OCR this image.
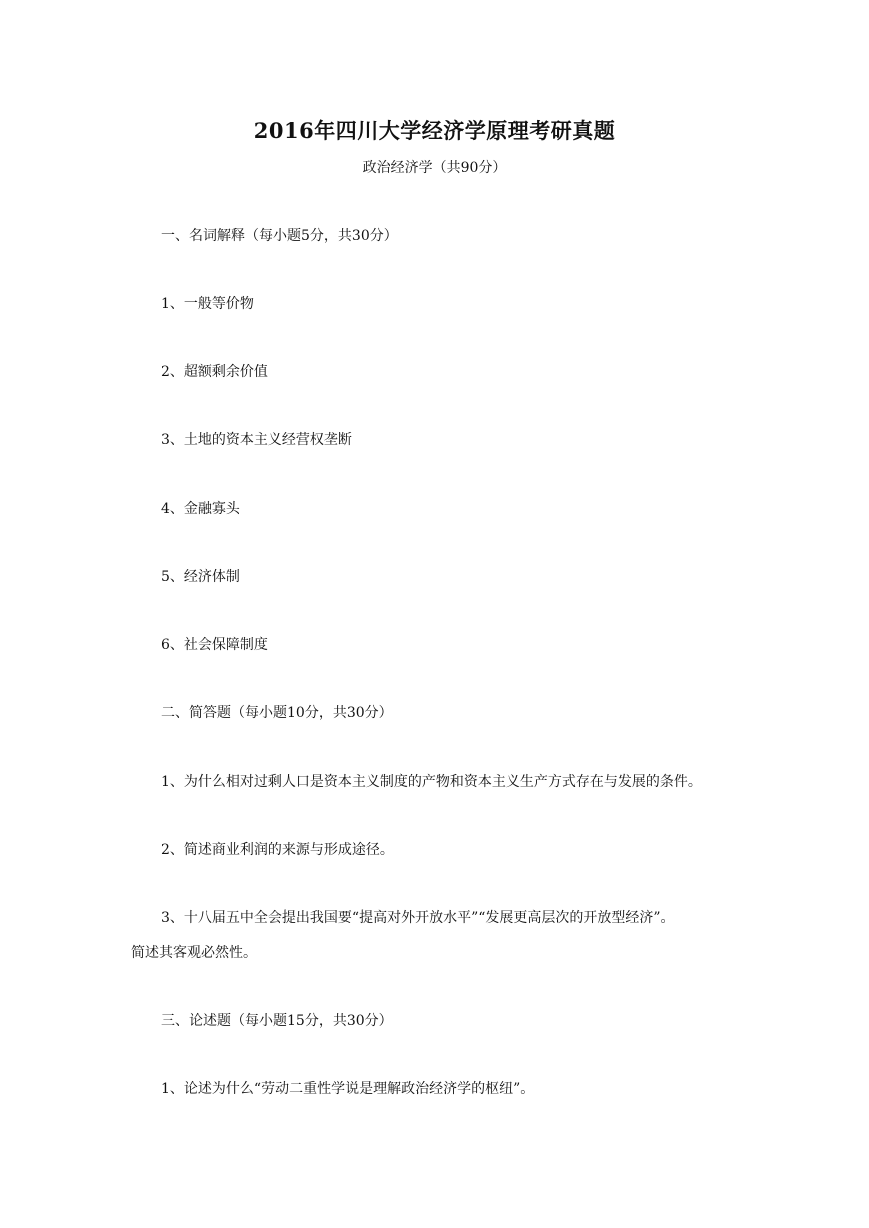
2016年四川大学经济学原理考研真题
政治经济学（共90分）
一、名词解释（每小题5分，共30分）
1、一般等价物
2、超额剩余价值
3、土地的资本主义经营权垄断
4、金融寡头
5、经济体制
6、社会保障制度
二、简答题（每小题10分，共30分）
1、为什么相对过剩人口是资本主义制度的产物和资本主义生产方式存在与发展的条件。
2、简述商业利润的来源与形成途径。
3、十八届五中全会提出我国要“提高对外开放水平”“发展更高层次的开放型经济”。
简述其客观必然性。
三、论述题（每小题15分，共30分）
1、论述为什么“劳动二重性学说是理解政治经济学的枢纽”。
